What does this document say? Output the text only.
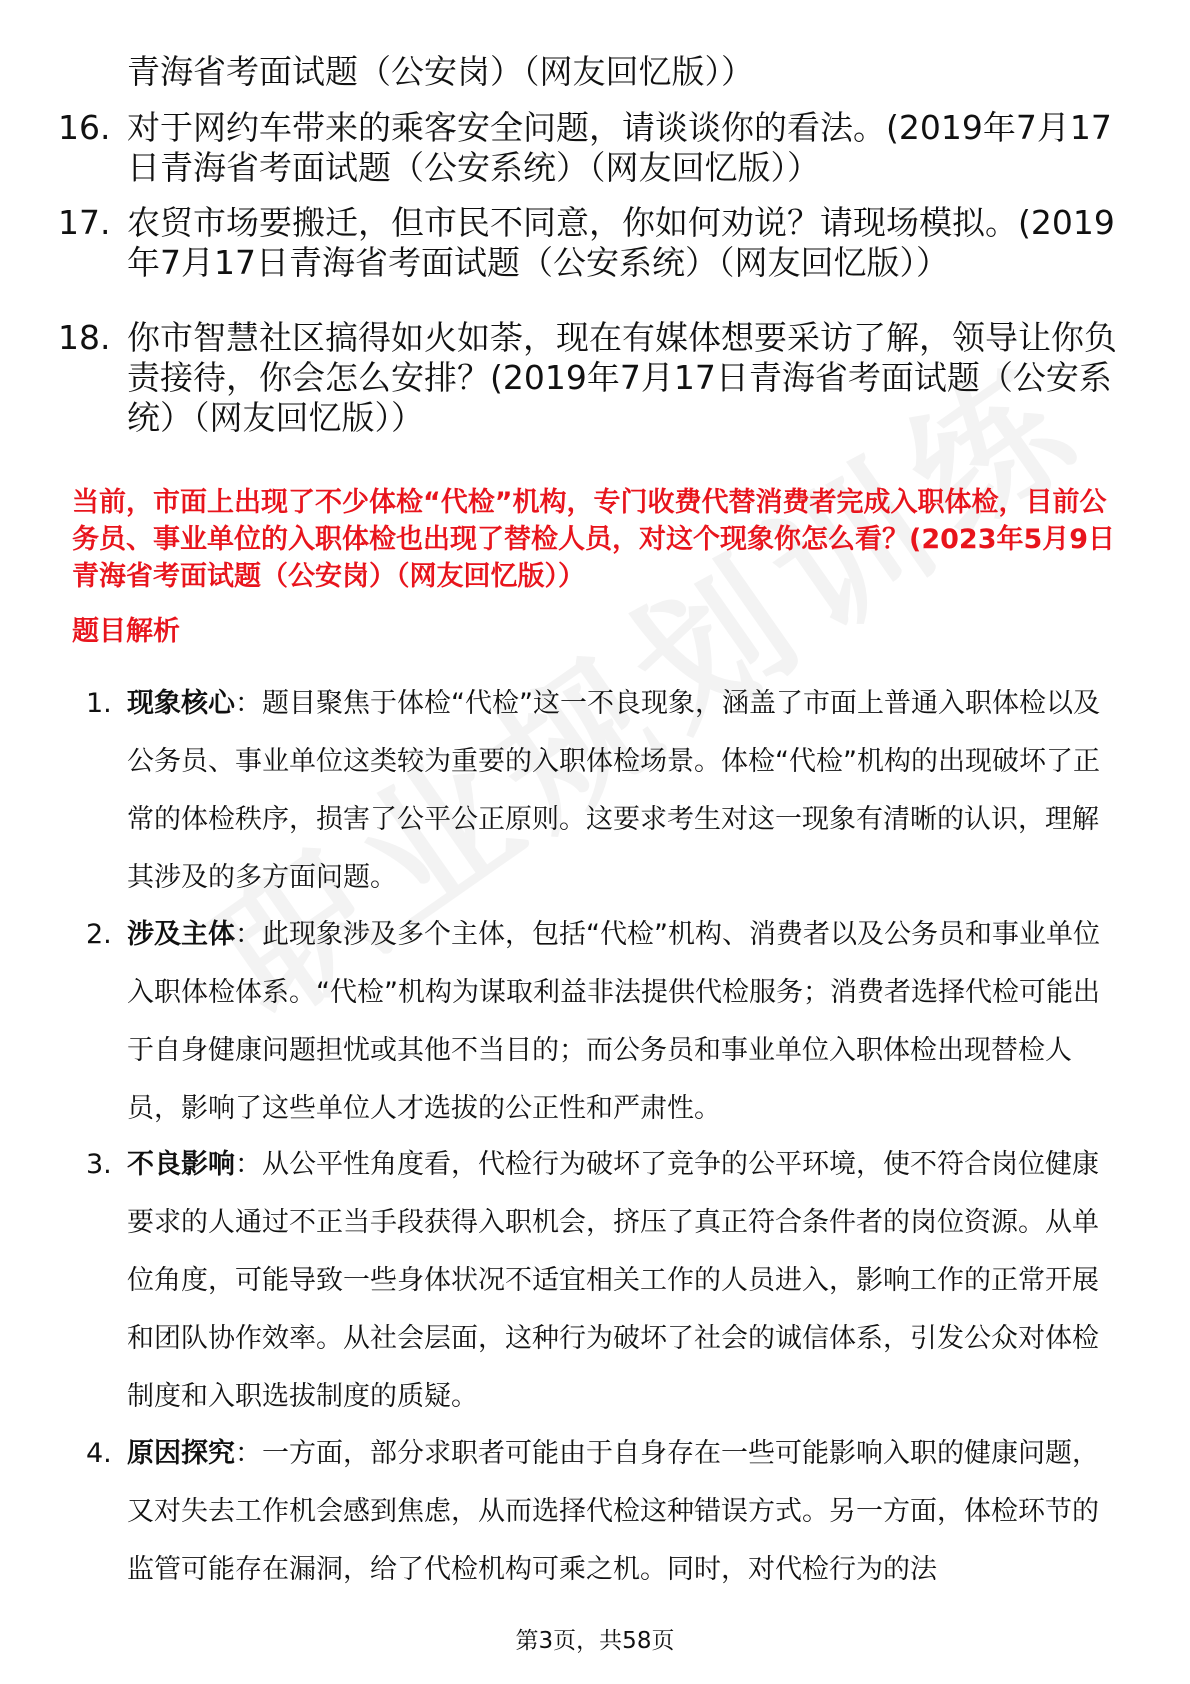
青海省考面试题（公安岗）（网友回忆版））
16. 对于网约车带来的乘客安全问题，请谈谈你的看法。(2019年7月17日青海省考面试题（公安系统）（网友回忆版））
17. 农贸市场要搬迁，但市民不同意，你如何劝说？请现场模拟。(2019年7月17日青海省考面试题（公安系统）（网友回忆版））
18. 你市智慧社区搞得如火如荼，现在有媒体想要采访了解，领导让你负责接待，你会怎么安排？(2019年7月17日青海省考面试题（公安系统）（网友回忆版））
当前，市面上出现了不少体检“代检”机构，专门收费代替消费者完成入职体检，目前公务员、事业单位的入职体检也出现了替检人员，对这个现象你怎么看？(2023年5月9日青海省考面试题（公安岗）（网友回忆版））
题目解析
1. 现象核心：题目聚焦于体检“代检”这一不良现象，涵盖了市面上普通入职体检以及公务员、事业单位这类较为重要的入职体检场景。体检“代检”机构的出现破坏了正常的体检秩序，损害了公平公正原则。这要求考生对这一现象有清晰的认识，理解其涉及的多方面问题。
2. 涉及主体：此现象涉及多个主体，包括“代检”机构、消费者以及公务员和事业单位入职体检体系。“代检”机构为谋取利益非法提供代检服务；消费者选择代检可能出于自身健康问题担忧或其他不当目的；而公务员和事业单位入职体检出现替检人员，影响了这些单位人才选拔的公正性和严肃性。
3. 不良影响：从公平性角度看，代检行为破坏了竞争的公平环境，使不符合岗位健康要求的人通过不正当手段获得入职机会，挤压了真正符合条件者的岗位资源。从单位角度，可能导致一些身体状况不适宜相关工作的人员进入，影响工作的正常开展和团队协作效率。从社会层面，这种行为破坏了社会的诚信体系，引发公众对体检制度和入职选拔制度的质疑。
4. 原因探究：一方面，部分求职者可能由于自身存在一些可能影响入职的健康问题，又对失去工作机会感到焦虑，从而选择代检这种错误方式。另一方面，体检环节的监管可能存在漏洞，给了代检机构可乘之机。同时，对代检行为的法
第3页，共58页
